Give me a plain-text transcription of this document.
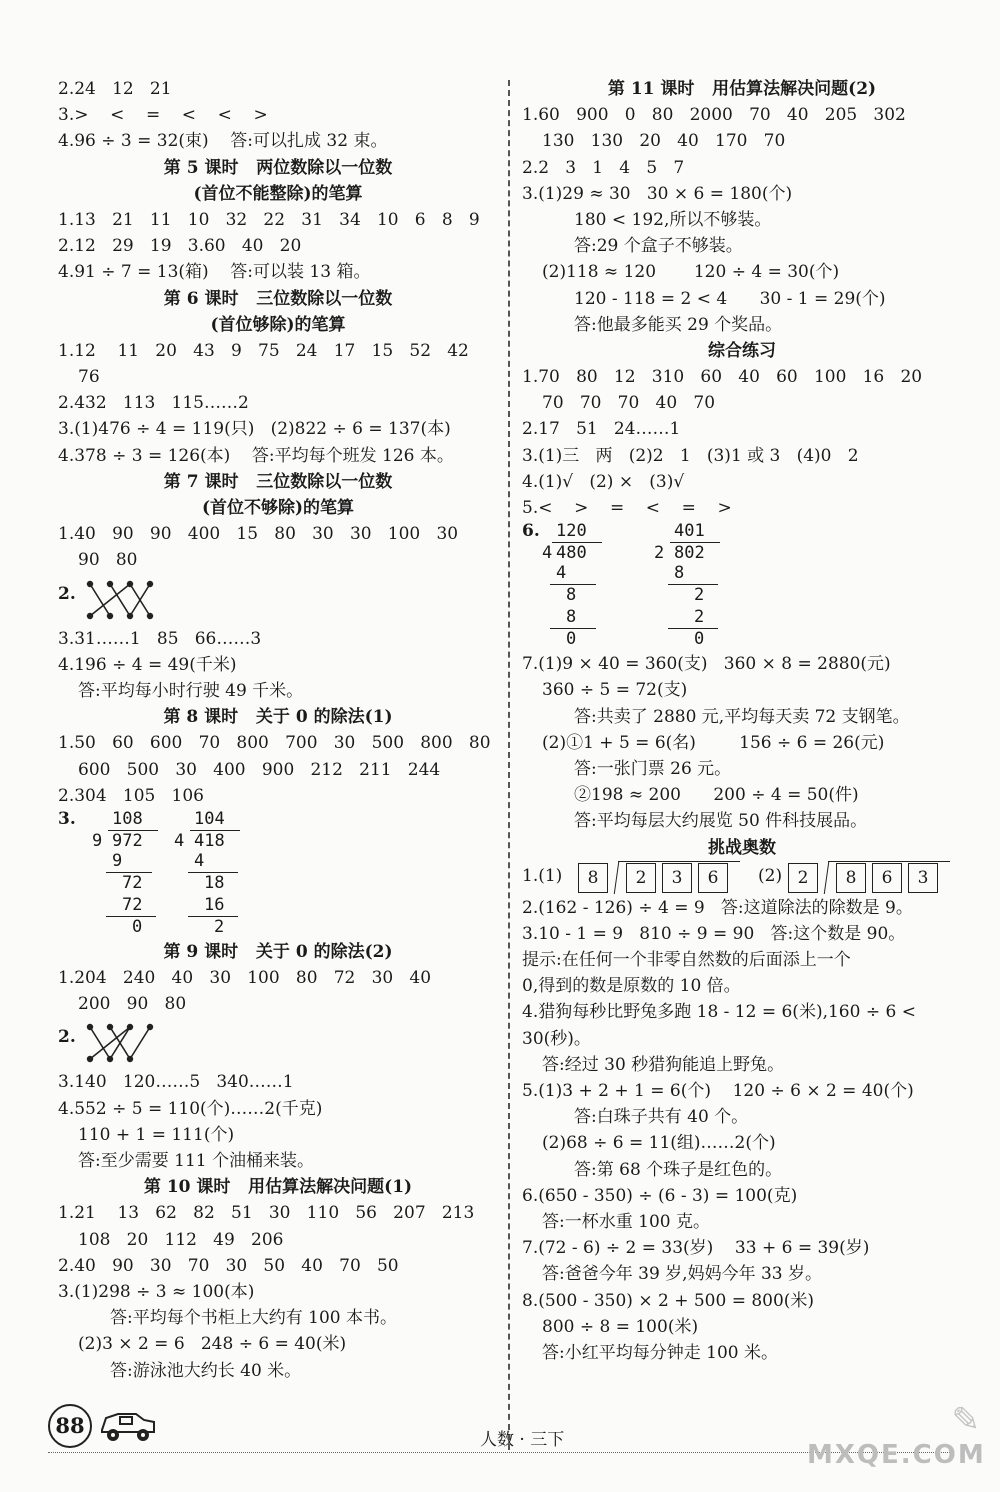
2.24   12   21
3.>    <    =    <    <    >
4.96 ÷ 3 = 32(束)    答:可以扎成 32 束。
第 5 课时   两位数除以一位数
(首位不能整除)的笔算
1.13   21   11   10   32   22   31   34   10   6   8   9
2.12   29   19   3.60   40   20
4.91 ÷ 7 = 13(箱)    答:可以装 13 箱。
第 6 课时   三位数除以一位数
(首位够除)的笔算
1.12    11   20   43   9   75   24   17   15   52   42
76
2.432   113   115……2
3.(1)476 ÷ 4 = 119(只)   (2)822 ÷ 6 = 137(本)
4.378 ÷ 3 = 126(本)    答:平均每个班发 126 本。
第 7 课时   三位数除以一位数
(首位不够除)的笔算
1.40   90   90   400   15   80   30   30   100   30
90   80
2.
3.31……1   85   66……3
4.196 ÷ 4 = 49(千米)
答:平均每小时行驶 49 千米。
第 8 课时   关于 0 的除法(1)
1.50   60   600   70   800   700   30   500   800   80
600   500   30   400   900   212   211   244
2.304   105   106
3. 108
9 972
9
72
72
0
104
4 418
4
18
16
2
第 9 课时   关于 0 的除法(2)
1.204   240   40   30   100   80   72   30   40
200   90   80
2.
3.140   120……5   340……1
4.552 ÷ 5 = 110(个)……2(千克)
110 + 1 = 111(个)
答:至少需要 111 个油桶来装。
第 10 课时   用估算法解决问题(1)
1.21    13   62   82   51   30   110   56   207   213
108   20   112   49   206
2.40   90   30   70   30   50   40   70   50
3.(1)298 ÷ 3 ≈ 100(本)
答:平均每个书柜上大约有 100 本书。
(2)3 × 2 = 6   248 ÷ 6 = 40(米)
答:游泳池大约长 40 米。
第 11 课时   用估算法解决问题(2)
1.60   900   0   80   2000   70   40   205   302
130   130   20   40   170   70
2.2   3   1   4   5   7
3.(1)29 ≈ 30   30 × 6 = 180(个)
180 < 192,所以不够装。
答:29 个盒子不够装。
(2)118 ≈ 120       120 ÷ 4 = 30(个)
120 - 118 = 2 < 4      30 - 1 = 29(个)
答:他最多能买 29 个奖品。
综合练习
1.70   80   12   310   60   40   60   100   16   20
70   70   70   40   70
2.17   51   24……1
3.(1)三   两   (2)2   1   (3)1 或 3   (4)0   2
4.(1)√   (2) ×   (3)√
5.<    >    =    <    =    >
6. 120
4 480
4
8
8
0
401
2 802
8
2
2
0
7.(1)9 × 40 = 360(支)   360 × 8 = 2880(元)
360 ÷ 5 = 72(支)
答:共卖了 2880 元,平均每天卖 72 支钢笔。
(2)①1 + 5 = 6(名)        156 ÷ 6 = 26(元)
答:一张门票 26 元。
②198 ≈ 200      200 ÷ 4 = 50(件)
答:平均每层大约展览 50 件科技展品。
挑战奥数
1.(1)	8	2	3	6	(2) 2	8	6	3
2.(162 - 126) ÷ 4 = 9   答:这道除法的除数是 9。
3.10 - 1 = 9   810 ÷ 9 = 90   答:这个数是 90。
提示:在任何一个非零自然数的后面添上一个
0,得到的数是原数的 10 倍。
4.猎狗每秒比野兔多跑 18 - 12 = 6(米),160 ÷ 6 <
30(秒)。
答:经过 30 秒猎狗能追上野兔。
5.(1)3 + 2 + 1 = 6(个)    120 ÷ 6 × 2 = 40(个)
答:白珠子共有 40 个。
(2)68 ÷ 6 = 11(组)……2(个)
答:第 68 个珠子是红色的。
6.(650 - 350) ÷ (6 - 3) = 100(克)
答:一杯水重 100 克。
7.(72 - 6) ÷ 2 = 33(岁)    33 + 6 = 39(岁)
答:爸爸今年 39 岁,妈妈今年 33 岁。
8.(500 - 350) × 2 + 500 = 800(米)
800 ÷ 8 = 100(米)
答:小红平均每分钟走 100 米。
88
人数 · 三下	✎
MXQE.COM
